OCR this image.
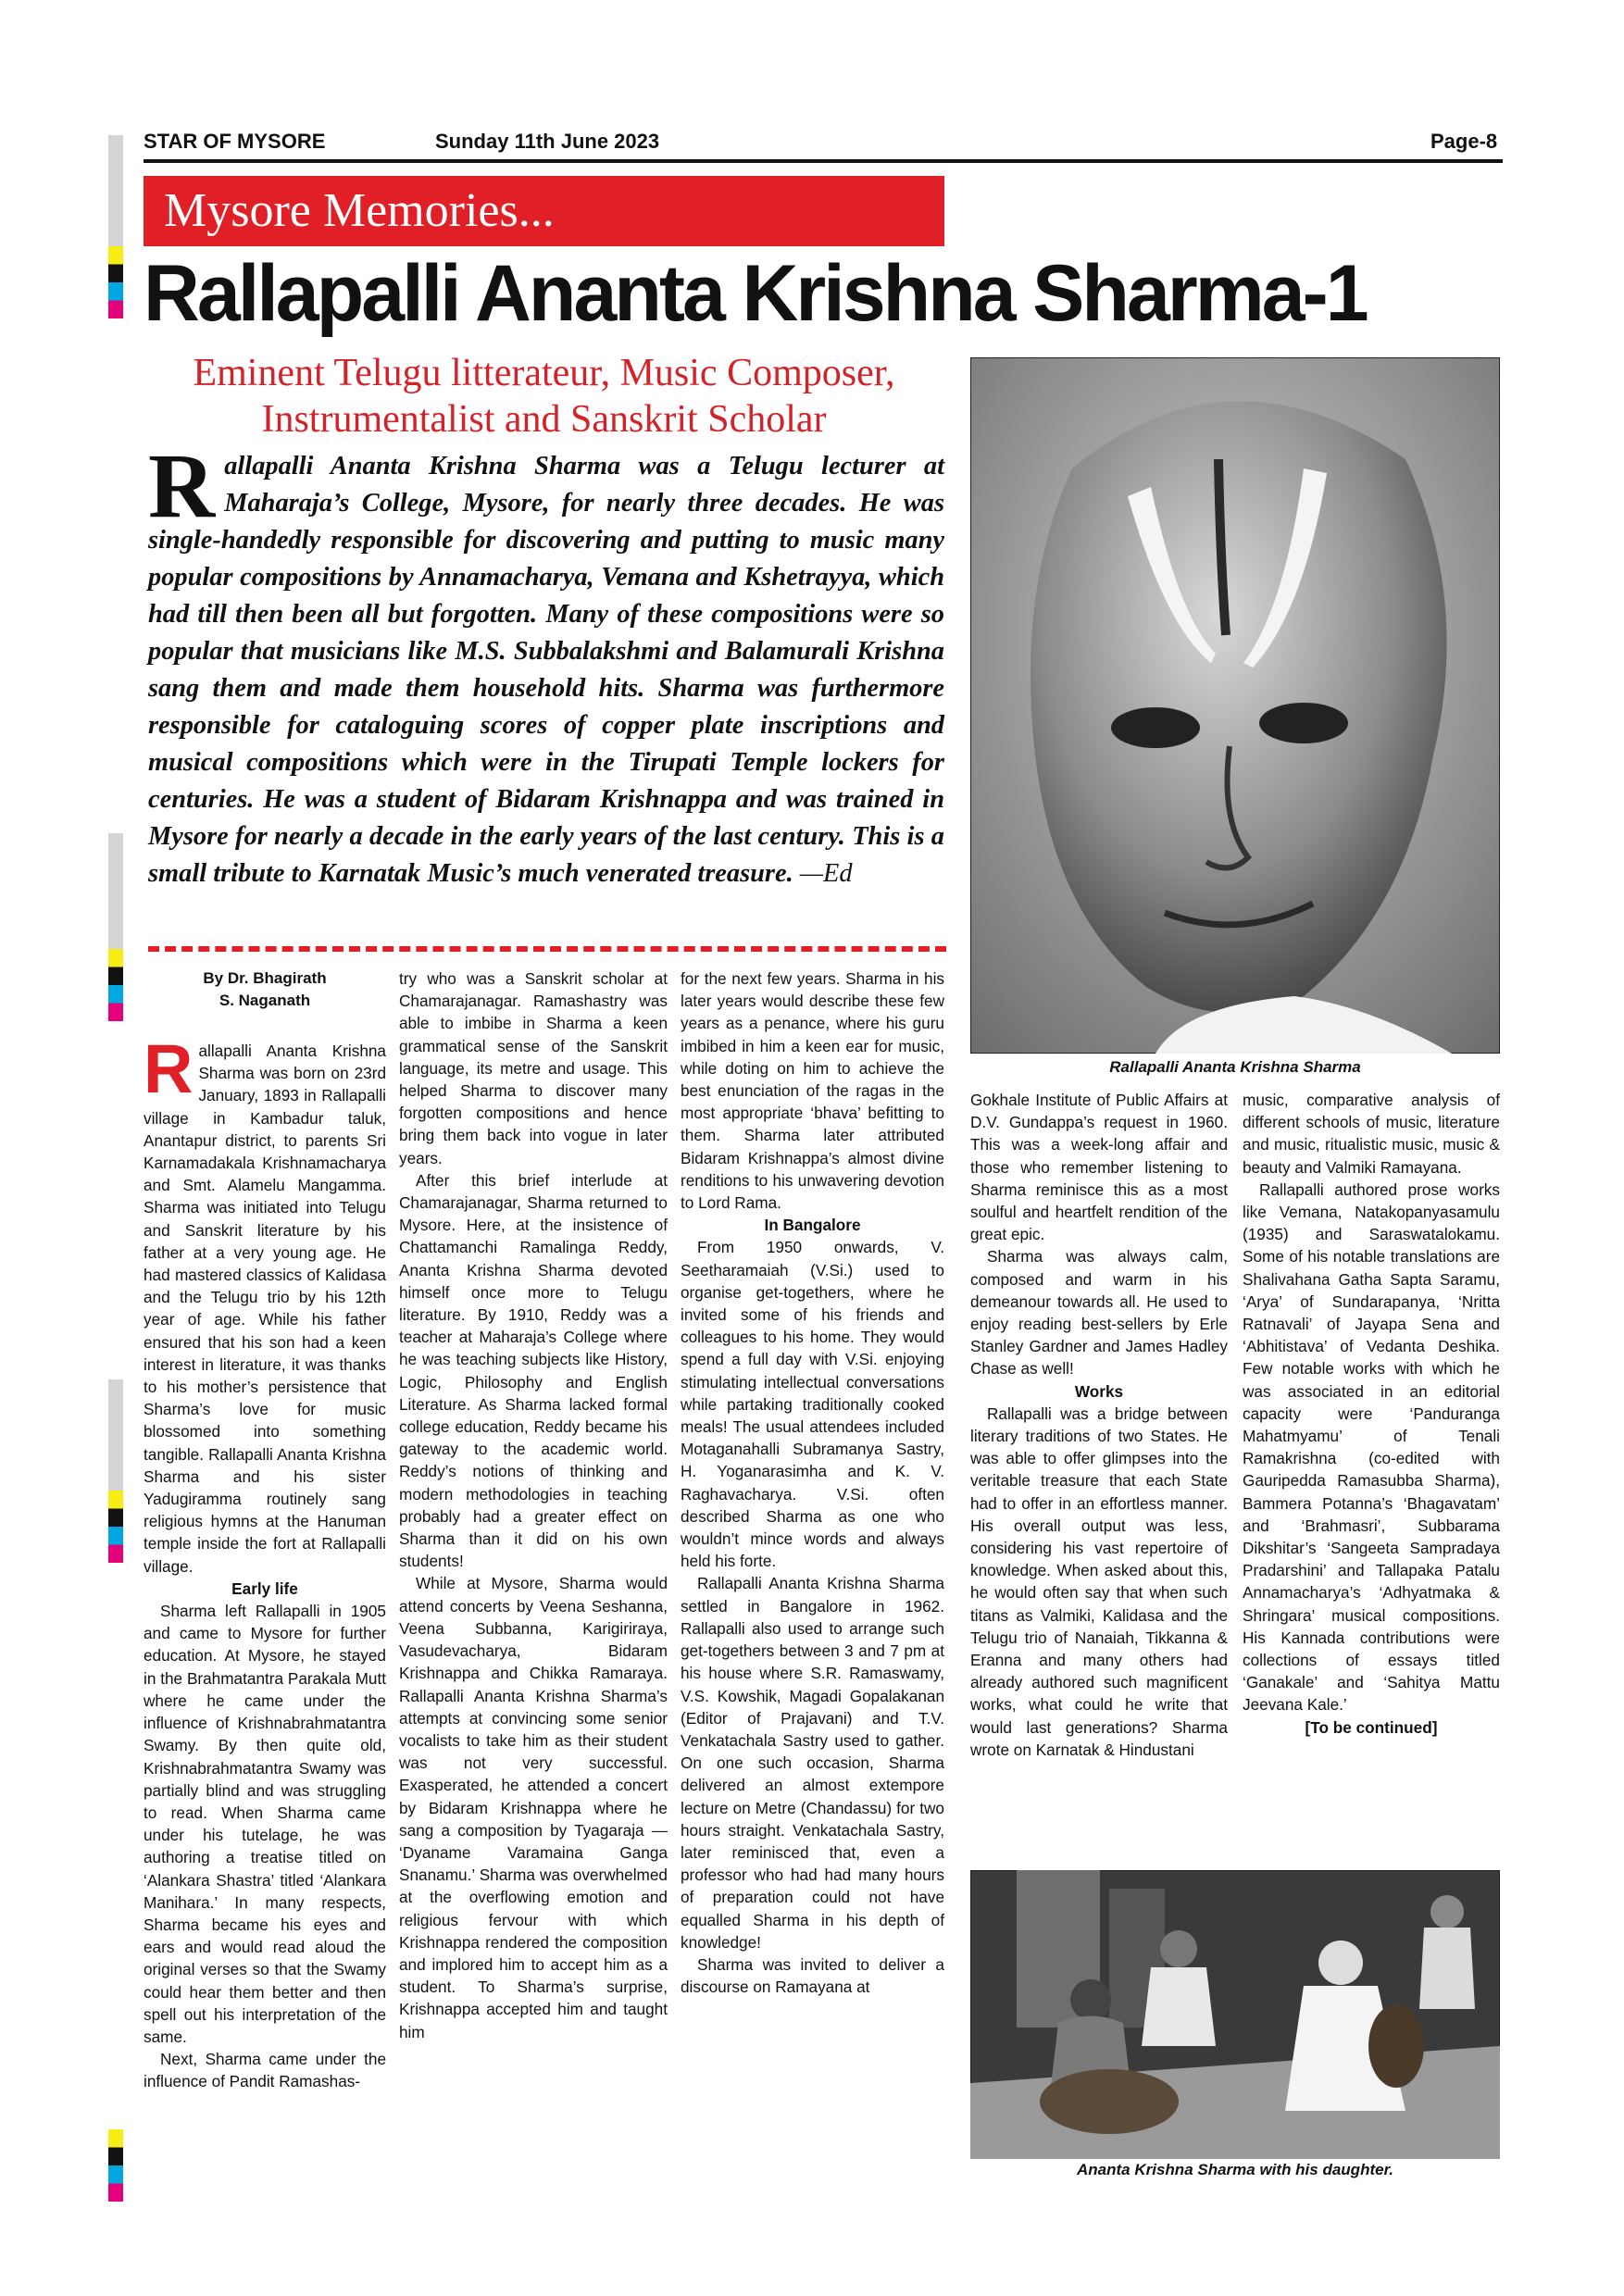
STAR OF MYSORE	Sunday 11th June 2023	Page-8
Mysore Memories...
Rallapalli Ananta Krishna Sharma-1
Eminent Telugu litterateur, Music Composer,
Instrumentalist and Sanskrit Scholar

Rallapalli Ananta Krishna Sharma was a Telugu lecturer at Maharaja’s College, Mysore, for nearly three decades. He was single-handedly responsible for discovering and putting to music many popular compositions by Annamacharya, Vemana and Kshetrayya, which had till then been all but forgotten. Many of these compositions were so popular that musicians like M.S. Subbalakshmi and Balamurali Krishna sang them and made them household hits. Sharma was furthermore responsible for cataloguing scores of copper plate inscriptions and musical compositions which were in the Tirupati Temple lockers for centuries. He was a student of Bidaram Krishnappa and was trained in Mysore for nearly a decade in the early years of the last century. This is a small tribute to Karnatak Music’s much venerated treasure. —Ed

Rallapalli Ananta Krishna Sharma
Ananta Krishna Sharma with his daughter.
By Dr. Bhagirath
S. Naganath

Rallapalli Ananta Krishna Sharma was born on 23rd January, 1893 in Rallapalli village in Kambadur taluk, Anantapur district, to parents Sri Karnamadakala Krishnamacharya and Smt. Alamelu Mangamma. Sharma was initiated into Telugu and Sanskrit literature by his father at a very young age. He had mastered classics of Kalidasa and the Telugu trio by his 12th year of age. While his father ensured that his son had a keen interest in literature, it was thanks to his mother’s persistence that Sharma’s love for music blossomed into something tangible. Rallapalli Ananta Krishna Sharma and his sister Yadugiramma routinely sang religious hymns at the Hanuman temple inside the fort at Rallapalli village.

Early life

Sharma left Rallapalli in 1905 and came to Mysore for further education. At Mysore, he stayed in the Brahmatantra Parakala Mutt where he came under the influence of Krishnabrahmatantra Swamy. By then quite old, Krishnabrahmatantra Swamy was partially blind and was struggling to read. When Sharma came under his tutelage, he was authoring a treatise titled on ‘Alankara Shastra’ titled ‘Alankara Manihara.’ In many respects, Sharma became his eyes and ears and would read aloud the original verses so that the Swamy could hear them better and then spell out his interpretation of the same.

Next, Sharma came under the influence of Pandit Ramashas-

try who was a Sanskrit scholar at Chamarajanagar. Ramashastry was able to imbibe in Sharma a keen grammatical sense of the Sanskrit language, its metre and usage. This helped Sharma to discover many forgotten compositions and hence bring them back into vogue in later years.

After this brief interlude at Chamarajanagar, Sharma returned to Mysore. Here, at the insistence of Chattamanchi Ramalinga Reddy, Ananta Krishna Sharma devoted himself once more to Telugu literature. By 1910, Reddy was a teacher at Maharaja’s College where he was teaching subjects like History, Logic, Philosophy and English Literature. As Sharma lacked formal college education, Reddy became his gateway to the academic world. Reddy’s notions of thinking and modern methodologies in teaching probably had a greater effect on Sharma than it did on his own students!

While at Mysore, Sharma would attend concerts by Veena Seshanna, Veena Subbanna, Karigiriraya, Vasudevacharya, Bidaram Krishnappa and Chikka Ramaraya. Rallapalli Ananta Krishna Sharma’s attempts at convincing some senior vocalists to take him as their student was not very successful. Exasperated, he attended a concert by Bidaram Krishnappa where he sang a composition by Tyagaraja — ‘Dyaname Varamaina Ganga Snanamu.’ Sharma was overwhelmed at the overflowing emotion and religious fervour with which Krishnappa rendered the composition and implored him to accept him as a student. To Sharma’s surprise, Krishnappa accepted him and taught him

for the next few years. Sharma in his later years would describe these few years as a penance, where his guru imbibed in him a keen ear for music, while doting on him to achieve the best enunciation of the ragas in the most appropriate ‘bhava’ befitting to them. Sharma later attributed Bidaram Krishnappa’s almost divine renditions to his unwavering devotion to Lord Rama.

In Bangalore

From 1950 onwards, V. Seetharamaiah (V.Si.) used to organise get-togethers, where he invited some of his friends and colleagues to his home. They would spend a full day with V.Si. enjoying stimulating intellectual conversations while partaking traditionally cooked meals! The usual attendees included Motaganahalli Subramanya Sastry, H. Yoganarasimha and K. V. Raghavacharya. V.Si. often described Sharma as one who wouldn’t mince words and always held his forte.

Rallapalli Ananta Krishna Sharma settled in Bangalore in 1962. Rallapalli also used to arrange such get-togethers between 3 and 7 pm at his house where S.R. Ramaswamy, V.S. Kowshik, Magadi Gopalakanan (Editor of Prajavani) and T.V. Venkatachala Sastry used to gather. On one such occasion, Sharma delivered an almost extempore lecture on Metre (Chandassu) for two hours straight. Venkatachala Sastry, later reminisced that, even a professor who had had many hours of preparation could not have equalled Sharma in his depth of knowledge!

Sharma was invited to deliver a discourse on Ramayana at

Gokhale Institute of Public Affairs at D.V. Gundappa’s request in 1960. This was a week-long affair and those who remember listening to Sharma reminisce this as a most soulful and heartfelt rendition of the great epic.

Sharma was always calm, composed and warm in his demeanour towards all. He used to enjoy reading best-sellers by Erle Stanley Gardner and James Hadley Chase as well!

Works

Rallapalli was a bridge between literary traditions of two States. He was able to offer glimpses into the veritable treasure that each State had to offer in an effortless manner. His overall output was less, considering his vast repertoire of knowledge. When asked about this, he would often say that when such titans as Valmiki, Kalidasa and the Telugu trio of Nanaiah, Tikkanna & Eranna and many others had already authored such magnificent works, what could he write that would last generations? Sharma wrote on Karnatak & Hindustani

music, comparative analysis of different schools of music, literature and music, ritualistic music, music & beauty and Valmiki Ramayana.

Rallapalli authored prose works like Vemana, Natakopanyasamulu (1935) and Saraswatalokamu. Some of his notable translations are Shalivahana Gatha Sapta Saramu, ‘Arya’ of Sundarapanya, ‘Nritta Ratnavali’ of Jayapa Sena and ‘Abhitistava’ of Vedanta Deshika. Few notable works with which he was associated in an editorial capacity were ‘Panduranga Mahatmyamu’ of Tenali Ramakrishna (co-edited with Gauripedda Ramasubba Sharma), Bammera Potanna’s ‘Bhagavatam’ and ‘Brahmasri’, Subbarama Dikshitar’s ‘Sangeeta Sampradaya Pradarshini’ and Tallapaka Patalu Annamacharya’s ‘Adhyatmaka & Shringara’ musical compositions. His Kannada contributions were collections of essays titled ‘Ganakale’ and ‘Sahitya Mattu Jeevana Kale.’

[To be continued]
